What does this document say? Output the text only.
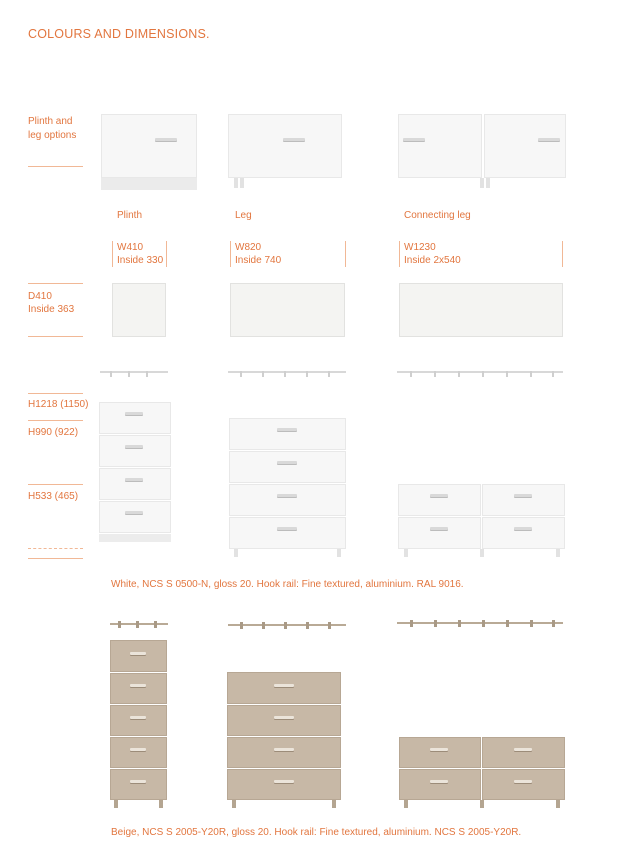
COLOURS AND DIMENSIONS.
Plinth and leg options
Plinth	Leg	Connecting leg
W410
Inside 330
W820
Inside 740
W1230
Inside 2x540
D410
Inside 363
H1218 (1150)
H990 (922)
H533 (465)
White, NCS S 0500-N, gloss 20. Hook rail: Fine textured, aluminium. RAL 9016.
Beige, NCS S 2005-Y20R, gloss 20. Hook rail: Fine textured, aluminium. NCS S 2005-Y20R.
